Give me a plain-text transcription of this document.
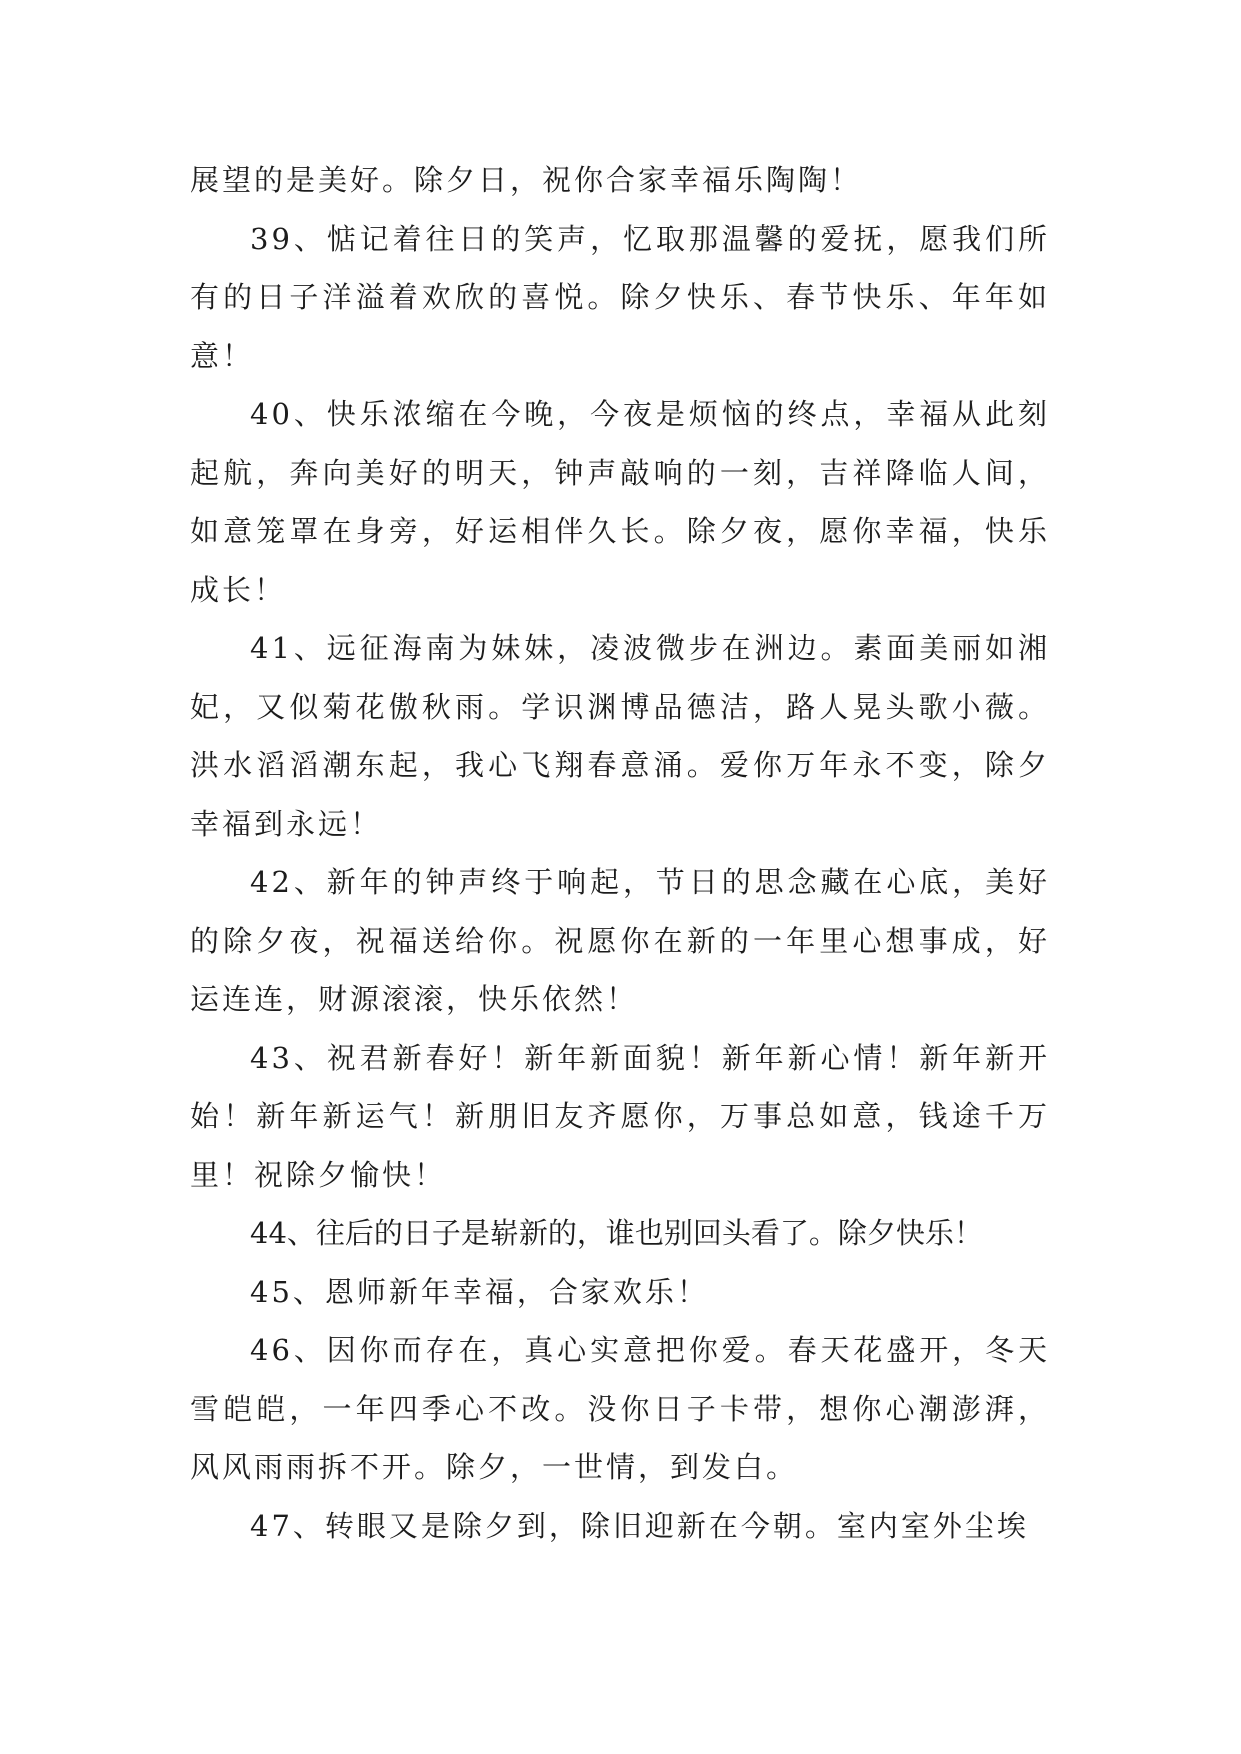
展望的是美好。除夕日，祝你合家幸福乐陶陶！

39、惦记着往日的笑声，忆取那温馨的爱抚，愿我们所有的日子洋溢着欢欣的喜悦。除夕快乐、春节快乐、年年如意！

40、快乐浓缩在今晚，今夜是烦恼的终点，幸福从此刻起航，奔向美好的明天，钟声敲响的一刻，吉祥降临人间，如意笼罩在身旁，好运相伴久长。除夕夜，愿你幸福，快乐成长！

41、远征海南为妹妹，凌波微步在洲边。素面美丽如湘妃，又似菊花傲秋雨。学识渊博品德洁，路人晃头歌小薇。洪水滔滔潮东起，我心飞翔春意涌。爱你万年永不变，除夕幸福到永远！

42、新年的钟声终于响起，节日的思念藏在心底，美好的除夕夜，祝福送给你。祝愿你在新的一年里心想事成，好运连连，财源滚滚，快乐依然！

43、祝君新春好！新年新面貌！新年新心情！新年新开始！新年新运气！新朋旧友齐愿你，万事总如意，钱途千万里！祝除夕愉快！

44、往后的日子是崭新的，谁也别回头看了。除夕快乐！

45、恩师新年幸福，合家欢乐！

46、因你而存在，真心实意把你爱。春天花盛开，冬天雪皑皑，一年四季心不改。没你日子卡带，想你心潮澎湃，风风雨雨拆不开。除夕，一世情，到发白。

47、转眼又是除夕到，除旧迎新在今朝。室内室外尘埃
